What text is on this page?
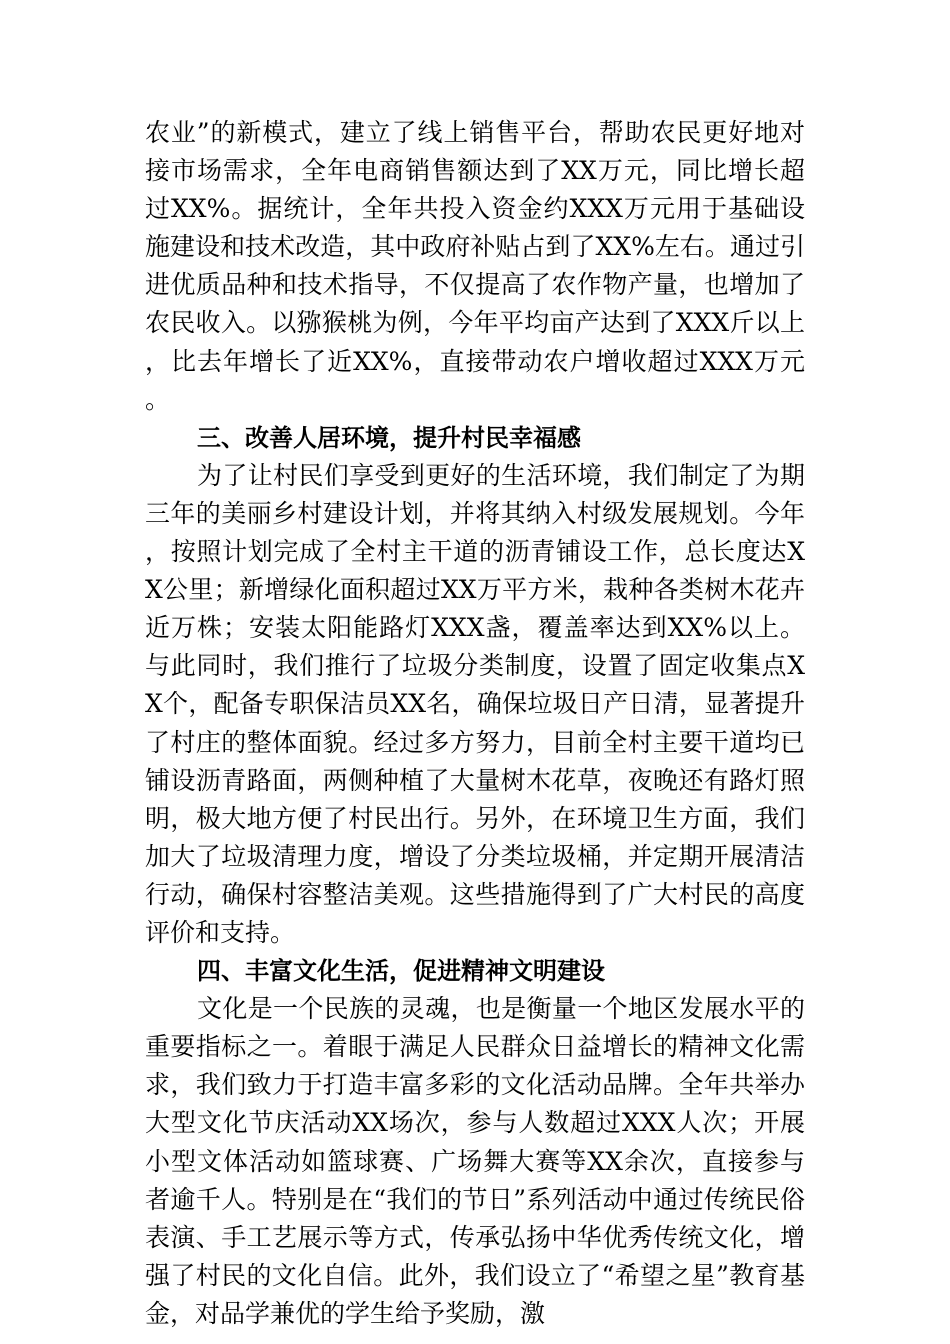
农业”的新模式，建立了线上销售平台，帮助农民更好地对接市场需求，全年电商销售额达到了XX万元，同比增长超过XX%。据统计，全年共投入资金约XXX万元用于基础设施建设和技术改造，其中政府补贴占到了XX%左右。通过引进优质品种和技术指导，不仅提高了农作物产量，也增加了农民收入。以猕猴桃为例，今年平均亩产达到了XXX斤以上，比去年增长了近XX%，直接带动农户增收超过XXX万元。

三、改善人居环境，提升村民幸福感

为了让村民们享受到更好的生活环境，我们制定了为期三年的美丽乡村建设计划，并将其纳入村级发展规划。今年，按照计划完成了全村主干道的沥青铺设工作，总长度达XX公里；新增绿化面积超过XX万平方米，栽种各类树木花卉近万株；安装太阳能路灯XXX盏，覆盖率达到XX%以上。与此同时，我们推行了垃圾分类制度，设置了固定收集点XX个，配备专职保洁员XX名，确保垃圾日产日清，显著提升了村庄的整体面貌。经过多方努力，目前全村主要干道均已铺设沥青路面，两侧种植了大量树木花草，夜晚还有路灯照明，极大地方便了村民出行。另外，在环境卫生方面，我们加大了垃圾清理力度，增设了分类垃圾桶，并定期开展清洁行动，确保村容整洁美观。这些措施得到了广大村民的高度评价和支持。

四、丰富文化生活，促进精神文明建设

文化是一个民族的灵魂，也是衡量一个地区发展水平的重要指标之一。着眼于满足人民群众日益增长的精神文化需求，我们致力于打造丰富多彩的文化活动品牌。全年共举办大型文化节庆活动XX场次，参与人数超过XXX人次；开展小型文体活动如篮球赛、广场舞大赛等XX余次，直接参与者逾千人。特别是在“我们的节日”系列活动中通过传统民俗表演、手工艺展示等方式，传承弘扬中华优秀传统文化，增强了村民的文化自信。此外，我们设立了“希望之星”教育基金，对品学兼优的学生给予奖励，激
